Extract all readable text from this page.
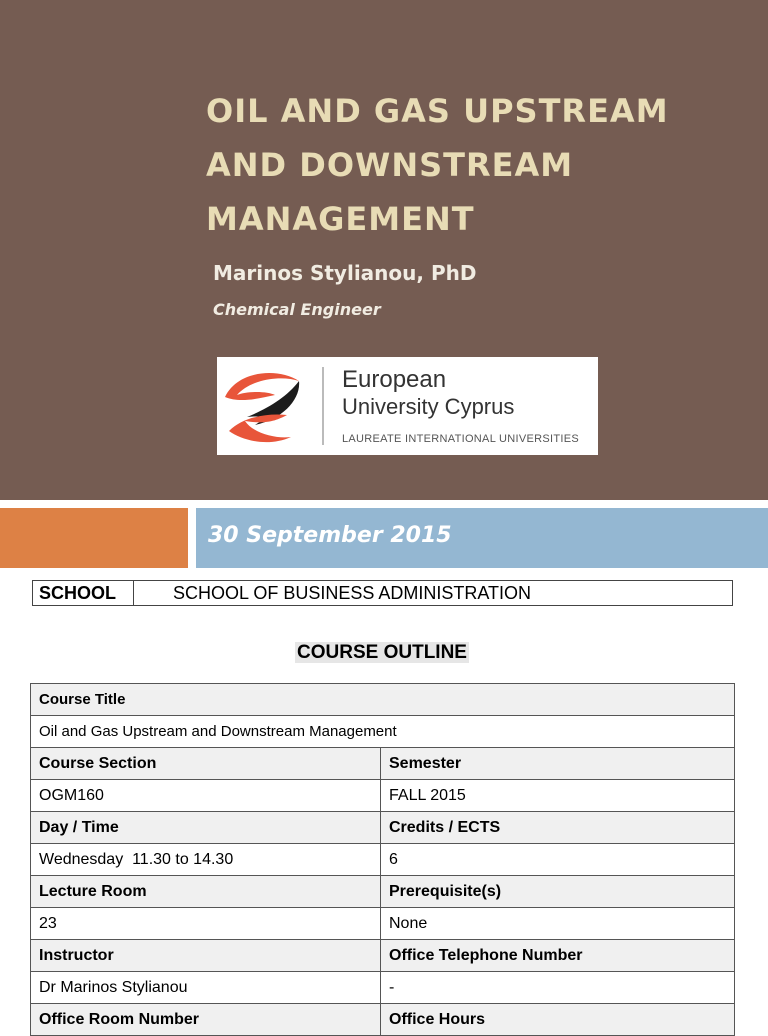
OIL AND GAS UPSTREAM AND DOWNSTREAM MANAGEMENT
Marinos Stylianou, PhD
Chemical Engineer
European
University Cyprus
LAUREATE INTERNATIONAL UNIVERSITIES
30 September 2015
SCHOOL	SCHOOL OF BUSINESS ADMINISTRATION
COURSE OUTLINE
Course Title
Oil and Gas Upstream and Downstream Management
Course Section	Semester
OGM160	FALL 2015
Day / Time	Credits / ECTS
Wednesday  11.30 to 14.30	6
Lecture Room	Prerequisite(s)
23	None
Instructor	Office Telephone Number
Dr Marinos Stylianou	-
Office Room Number	Office Hours
